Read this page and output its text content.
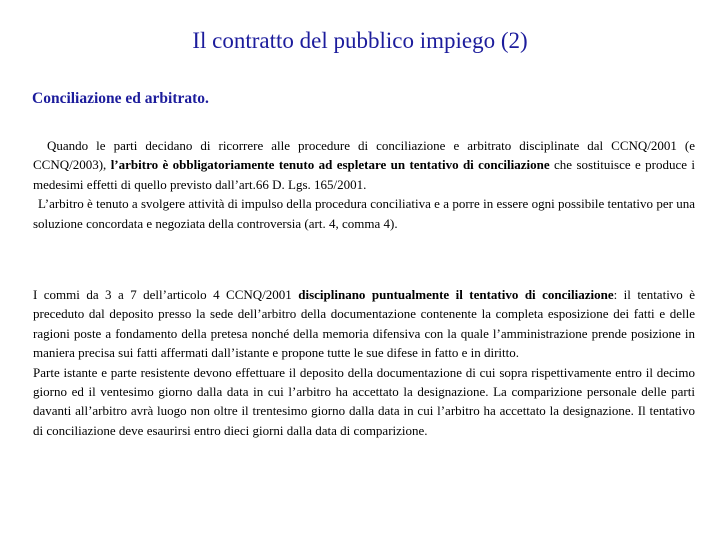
Il contratto del pubblico impiego (2)
Conciliazione ed arbitrato.

Quando le parti decidano di ricorrere alle procedure di conciliazione e arbitrato disciplinate dal CCNQ/2001 (e CCNQ/2003), l’arbitro è obbligatoriamente tenuto ad espletare un tentativo di conciliazione che sostituisce e produce i medesimi effetti di quello previsto dall’art.66 D. Lgs. 165/2001.

L’arbitro è tenuto a svolgere attività di impulso della procedura conciliativa e a porre in essere ogni possibile tentativo per una soluzione concordata e negoziata della controversia (art. 4, comma 4).

I commi da 3 a 7 dell’articolo 4 CCNQ/2001 disciplinano puntualmente il tentativo di conciliazione: il tentativo è preceduto dal deposito presso la sede dell’arbitro della documentazione contenente la completa esposizione dei fatti e delle ragioni poste a fondamento della pretesa nonché della memoria difensiva con la quale l’amministrazione prende posizione in maniera precisa sui fatti affermati dall’istante e propone tutte le sue difese in fatto e in diritto.

Parte istante e parte resistente devono effettuare il deposito della documentazione di cui sopra rispettivamente entro il decimo giorno ed il ventesimo giorno dalla data in cui l’arbitro ha accettato la designazione. La comparizione personale delle parti davanti all’arbitro avrà luogo non oltre il trentesimo giorno dalla data in cui l’arbitro ha accettato la designazione. Il tentativo di conciliazione deve esaurirsi entro dieci giorni dalla data di comparizione.
